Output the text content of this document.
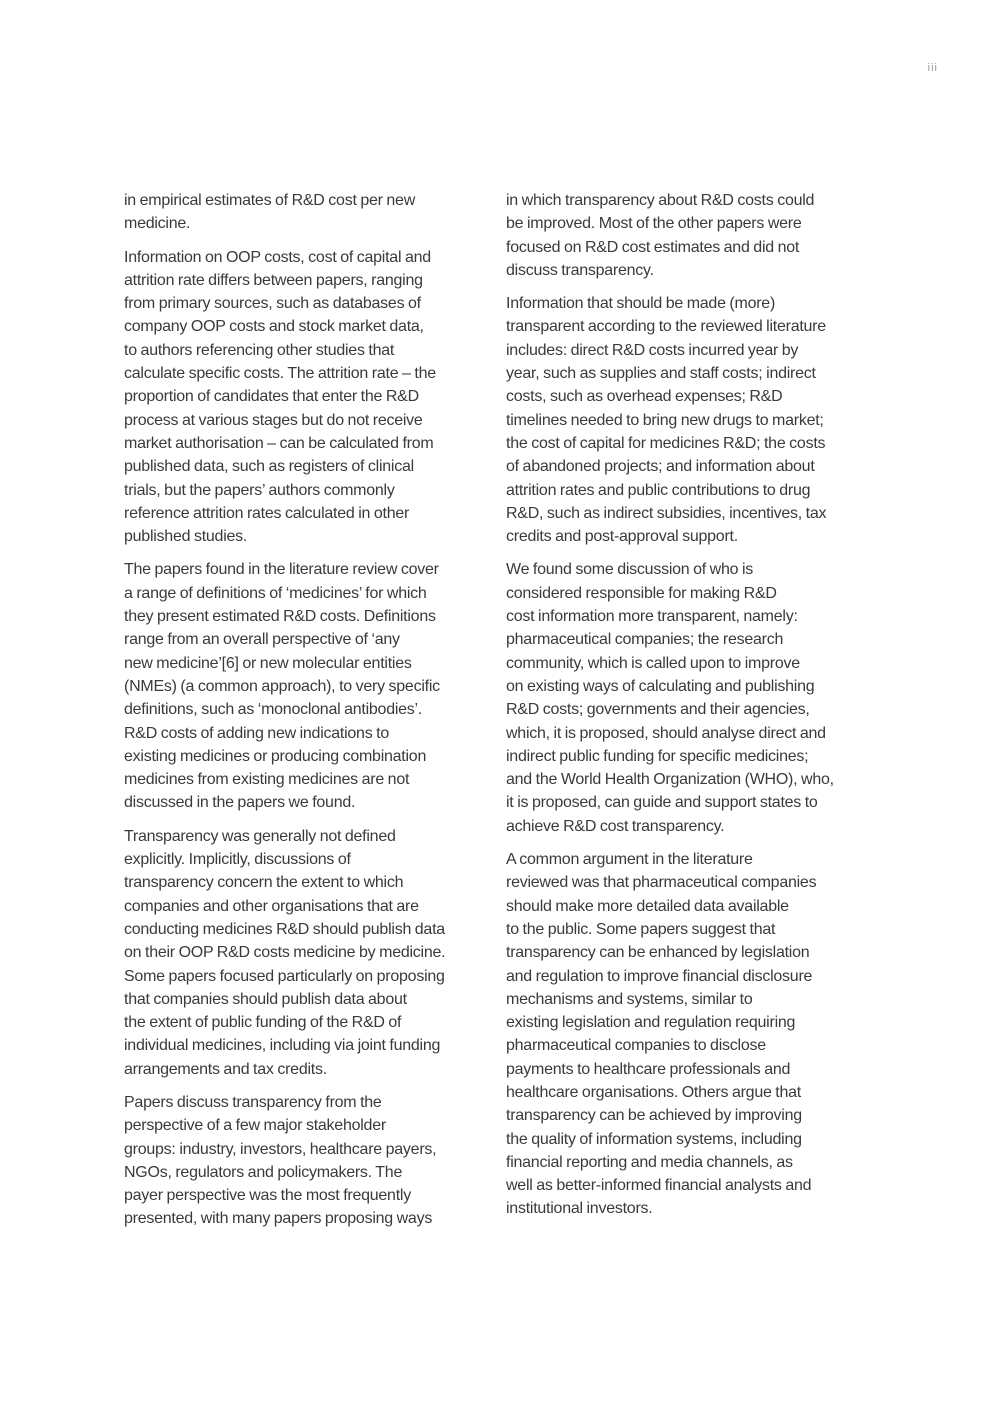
iii

in empirical estimates of R&D cost per new
medicine.

Information on OOP costs, cost of capital and
attrition rate differs between papers, ranging
from primary sources, such as databases of
company OOP costs and stock market data,
to authors referencing other studies that
calculate specific costs. The attrition rate – the
proportion of candidates that enter the R&D
process at various stages but do not receive
market authorisation – can be calculated from
published data, such as registers of clinical
trials, but the papers’ authors commonly
reference attrition rates calculated in other
published studies.

The papers found in the literature review cover
a range of definitions of ‘medicines’ for which
they present estimated R&D costs. Definitions
range from an overall perspective of ‘any
new medicine’[6] or new molecular entities
(NMEs) (a common approach), to very specific
definitions, such as ‘monoclonal antibodies’.
R&D costs of adding new indications to
existing medicines or producing combination
medicines from existing medicines are not
discussed in the papers we found.

Transparency was generally not defined
explicitly. Implicitly, discussions of
transparency concern the extent to which
companies and other organisations that are
conducting medicines R&D should publish data
on their OOP R&D costs medicine by medicine.
Some papers focused particularly on proposing
that companies should publish data about
the extent of public funding of the R&D of
individual medicines, including via joint funding
arrangements and tax credits.

Papers discuss transparency from the
perspective of a few major stakeholder
groups: industry, investors, healthcare payers,
NGOs, regulators and policymakers. The
payer perspective was the most frequently
presented, with many papers proposing ways

in which transparency about R&D costs could
be improved. Most of the other papers were
focused on R&D cost estimates and did not
discuss transparency.

Information that should be made (more)
transparent according to the reviewed literature
includes: direct R&D costs incurred year by
year, such as supplies and staff costs; indirect
costs, such as overhead expenses; R&D
timelines needed to bring new drugs to market;
the cost of capital for medicines R&D; the costs
of abandoned projects; and information about
attrition rates and public contributions to drug
R&D, such as indirect subsidies, incentives, tax
credits and post-approval support.

We found some discussion of who is
considered responsible for making R&D
cost information more transparent, namely:
pharmaceutical companies; the research
community, which is called upon to improve
on existing ways of calculating and publishing
R&D costs; governments and their agencies,
which, it is proposed, should analyse direct and
indirect public funding for specific medicines;
and the World Health Organization (WHO), who,
it is proposed, can guide and support states to
achieve R&D cost transparency.

A common argument in the literature
reviewed was that pharmaceutical companies
should make more detailed data available
to the public. Some papers suggest that
transparency can be enhanced by legislation
and regulation to improve financial disclosure
mechanisms and systems, similar to
existing legislation and regulation requiring
pharmaceutical companies to disclose
payments to healthcare professionals and
healthcare organisations. Others argue that
transparency can be achieved by improving
the quality of information systems, including
financial reporting and media channels, as
well as better-informed financial analysts and
institutional investors.
